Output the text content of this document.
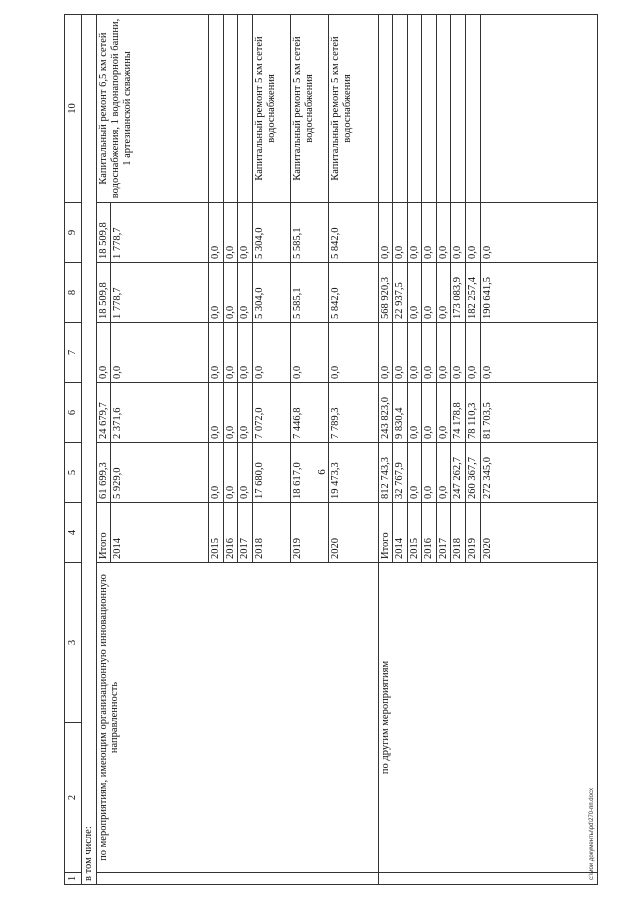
6
1	2	3	4	5	6	7	8	9	10
в том числе:									
	по мероприятиям, имеющим организационную инновационную направленность		Итого	61 699,3	24 679,7	0,0	18 509,8	18 509,8	Капитальный ремонт 6,5 км сетей водоснабжения, 1 водонапорной башни, 1 артезианской скважины
			2014	5 929,0	2 371,6	0,0	1 778,7	1 778,7	
			2015	0,0	0,0	0,0	0,0	0,0	
			2016	0,0	0,0	0,0	0,0	0,0	
			2017	0,0	0,0	0,0	0,0	0,0	
			2018	17 680,0	7 072,0	0,0	5 304,0	5 304,0	Капитальный ремонт 5 км сетей водоснабжения
			2019	18 617,0	7 446,8	0,0	5 585,1	5 585,1	Капитальный ремонт 5 км сетей водоснабжения
			2020	19 473,3	7 789,3	0,0	5 842,0	5 842,0	Капитальный ремонт 5 км сетей водоснабжения
	по другим мероприятиям		Итого	812 743,3	243 823,0	0,0	568 920,3	0,0	
			2014	32 767,9	9 830,4	0,0	22 937,5	0,0	
			2015	0,0	0,0	0,0	0,0	0,0	
			2016	0,0	0,0	0,0	0,0	0,0	
			2017	0,0	0,0	0,0	0,0	0,0	
			2018	247 262,7	74 178,8	0,0	173 083,9	0,0	
			2019	260 367,7	78 110,3	0,0	182 257,4	0,0	
			2020	272 345,0	81 703,5	0,0	190 641,5	0,0	
c:\мои документы\pd\270-пп.docx
